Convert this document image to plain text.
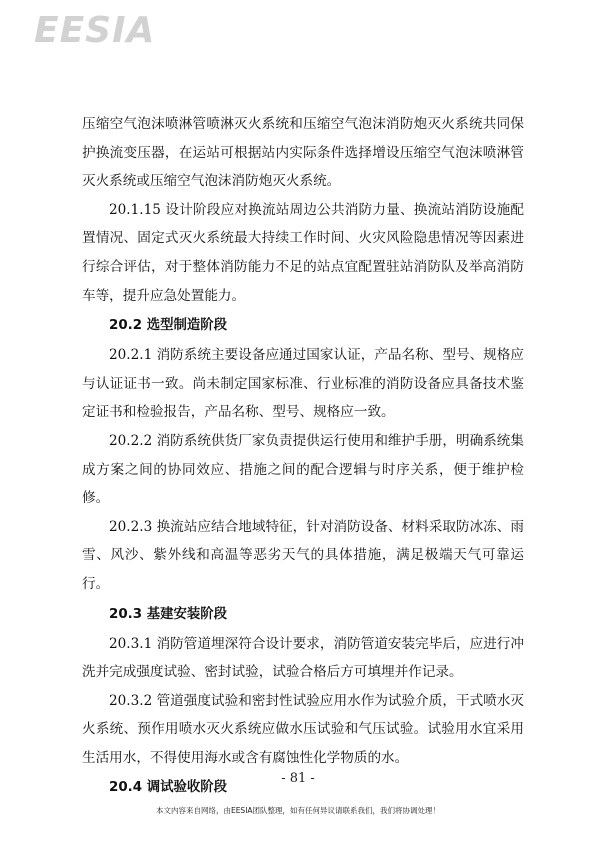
EESIA

压缩空气泡沫喷淋管喷淋灭火系统和压缩空气泡沫消防炮灭火系统共同保护换流变压器，在运站可根据站内实际条件选择增设压缩空气泡沫喷淋管灭火系统或压缩空气泡沫消防炮灭火系统。

20.1.15 设计阶段应对换流站周边公共消防力量、换流站消防设施配置情况、固定式灭火系统最大持续工作时间、火灾风险隐患情况等因素进行综合评估，对于整体消防能力不足的站点宜配置驻站消防队及举高消防车等，提升应急处置能力。

20.2 选型制造阶段

20.2.1 消防系统主要设备应通过国家认证，产品名称、型号、规格应与认证证书一致。尚未制定国家标准、行业标准的消防设备应具备技术鉴定证书和检验报告，产品名称、型号、规格应一致。

20.2.2 消防系统供货厂家负责提供运行使用和维护手册，明确系统集成方案之间的协同效应、措施之间的配合逻辑与时序关系，便于维护检修。

20.2.3 换流站应结合地域特征，针对消防设备、材料采取防冰冻、雨雪、风沙、紫外线和高温等恶劣天气的具体措施，满足极端天气可靠运行。

20.3 基建安装阶段

20.3.1 消防管道埋深符合设计要求，消防管道安装完毕后，应进行冲洗并完成强度试验、密封试验，试验合格后方可填埋并作记录。

20.3.2 管道强度试验和密封性试验应用水作为试验介质，干式喷水灭火系统、预作用喷水灭火系统应做水压试验和气压试验。试验用水宜采用生活用水，不得使用海水或含有腐蚀性化学物质的水。

20.4 调试验收阶段
- 81 -
本文内容来自网络，由EESIA团队整理，如有任何异议请联系我们，我们将协调处理！
